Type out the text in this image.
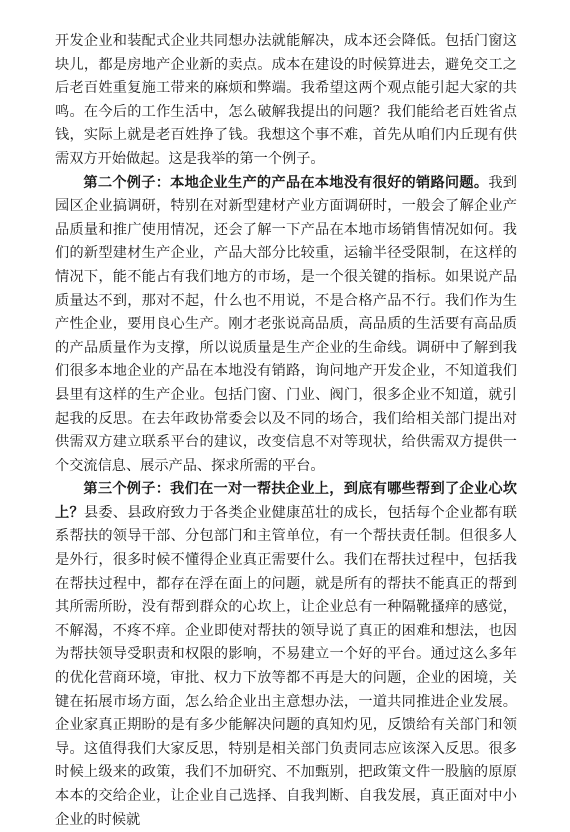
开发企业和装配式企业共同想办法就能解决，成本还会降低。包括门窗这块儿，都是房地产企业新的卖点。成本在建设的时候算进去，避免交工之后老百姓重复施工带来的麻烦和弊端。我希望这两个观点能引起大家的共鸣。在今后的工作生活中，怎么破解我提出的问题？我们能给老百姓省点钱，实际上就是老百姓挣了钱。我想这个事不难，首先从咱们内丘现有供需双方开始做起。这是我举的第一个例子。

第二个例子：本地企业生产的产品在本地没有很好的销路问题。我到园区企业搞调研，特别在对新型建材产业方面调研时，一般会了解企业产品质量和推广使用情况，还会了解一下产品在本地市场销售情况如何。我们的新型建材生产企业，产品大部分比较重，运输半径受限制，在这样的情况下，能不能占有我们地方的市场，是一个很关键的指标。如果说产品质量达不到，那对不起，什么也不用说，不是合格产品不行。我们作为生产性企业，要用良心生产。刚才老张说高品质，高品质的生活要有高品质的产品质量作为支撑，所以说质量是生产企业的生命线。调研中了解到我们很多本地企业的产品在本地没有销路，询问地产开发企业，不知道我们县里有这样的生产企业。包括门窗、门业、阀门，很多企业不知道，就引起我的反思。在去年政协常委会以及不同的场合，我们给相关部门提出对供需双方建立联系平台的建议，改变信息不对等现状，给供需双方提供一个交流信息、展示产品、探求所需的平台。

第三个例子：我们在一对一帮扶企业上，到底有哪些帮到了企业心坎上？县委、县政府致力于各类企业健康茁壮的成长，包括每个企业都有联系帮扶的领导干部、分包部门和主管单位，有一个帮扶责任制。但很多人是外行，很多时候不懂得企业真正需要什么。我们在帮扶过程中，包括我在帮扶过程中，都存在浮在面上的问题，就是所有的帮扶不能真正的帮到其所需所盼，没有帮到群众的心坎上，让企业总有一种隔靴搔痒的感觉，不解渴，不疼不痒。企业即使对帮扶的领导说了真正的困难和想法，也因为帮扶领导受职责和权限的影响，不易建立一个好的平台。通过这么多年的优化营商环境，审批、权力下放等都不再是大的问题，企业的困境，关键在拓展市场方面，怎么给企业出主意想办法，一道共同推进企业发展。企业家真正期盼的是有多少能解决问题的真知灼见，反馈给有关部门和领导。这值得我们大家反思，特别是相关部门负责同志应该深入反思。很多时候上级来的政策，我们不加研究、不加甄别，把政策文件一股脑的原原本本的交给企业，让企业自己选择、自我判断、自我发展，真正面对中小企业的时候就
